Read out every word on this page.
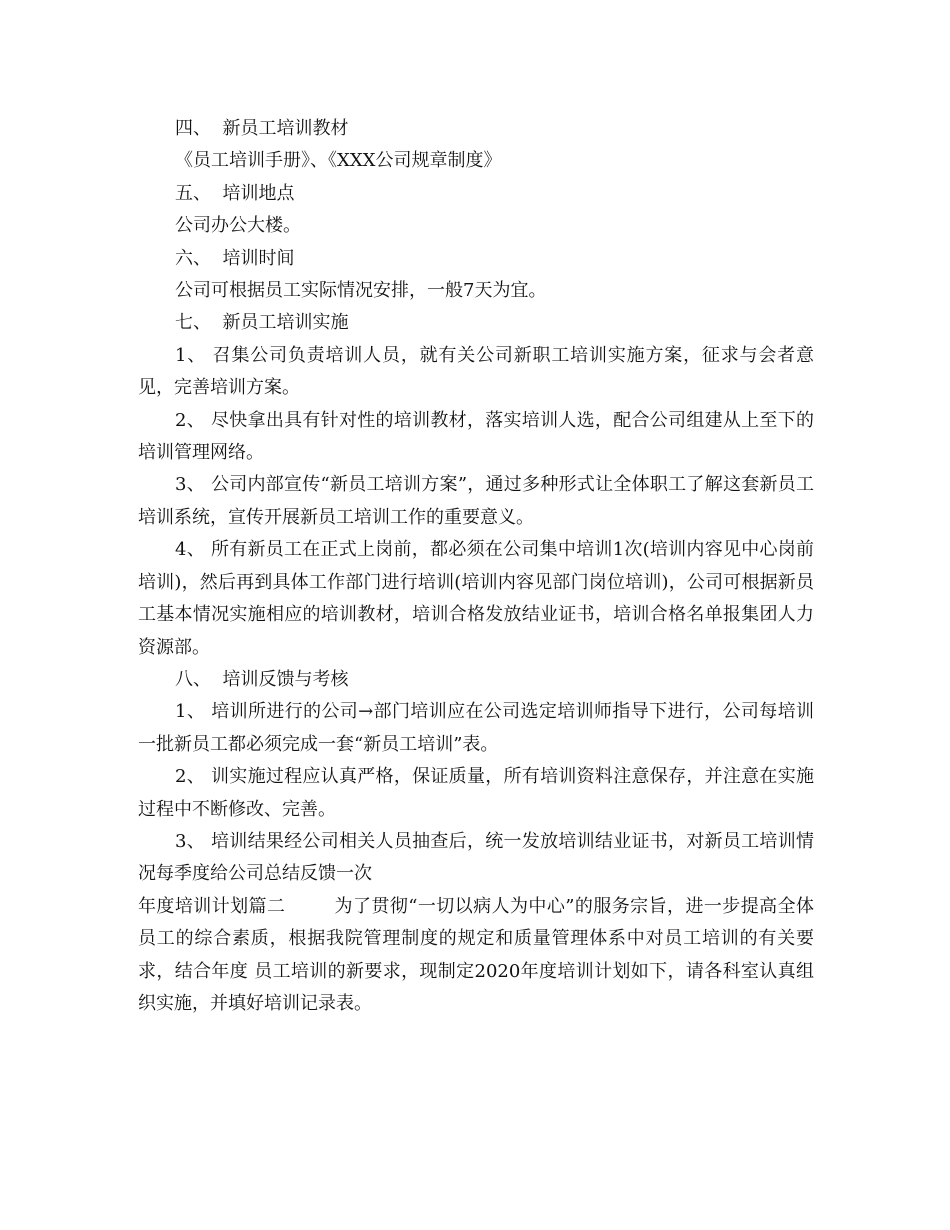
四、  新员工培训教材

《员工培训手册》、《XXX公司规章制度》

五、  培训地点

公司办公大楼。

六、  培训时间

公司可根据员工实际情况安排，一般7天为宜。

七、  新员工培训实施

1、 召集公司负责培训人员，就有关公司新职工培训实施方案，征求与会者意见，完善培训方案。

2、 尽快拿出具有针对性的培训教材，落实培训人选，配合公司组建从上至下的培训管理网络。

3、 公司内部宣传“新员工培训方案”，通过多种形式让全体职工了解这套新员工培训系统，宣传开展新员工培训工作的重要意义。

4、 所有新员工在正式上岗前，都必须在公司集中培训1次(培训内容见中心岗前培训)，然后再到具体工作部门进行培训(培训内容见部门岗位培训)，公司可根据新员工基本情况实施相应的培训教材，培训合格发放结业证书，培训合格名单报集团人力资源部。

八、  培训反馈与考核

1、 培训所进行的公司→部门培训应在公司选定培训师指导下进行，公司每培训一批新员工都必须完成一套“新员工培训”表。

2、 训实施过程应认真严格，保证质量，所有培训资料注意保存，并注意在实施过程中不断修改、完善。

3、 培训结果经公司相关人员抽查后，统一发放培训结业证书，对新员工培训情况每季度给公司总结反馈一次

年度培训计划篇二        为了贯彻“一切以病人为中心”的服务宗旨，进一步提高全体员工的综合素质，根据我院管理制度的规定和质量管理体系中对员工培训的有关要求，结合年度 员工培训的新要求，现制定2020年度培训计划如下，请各科室认真组织实施，并填好培训记录表。
